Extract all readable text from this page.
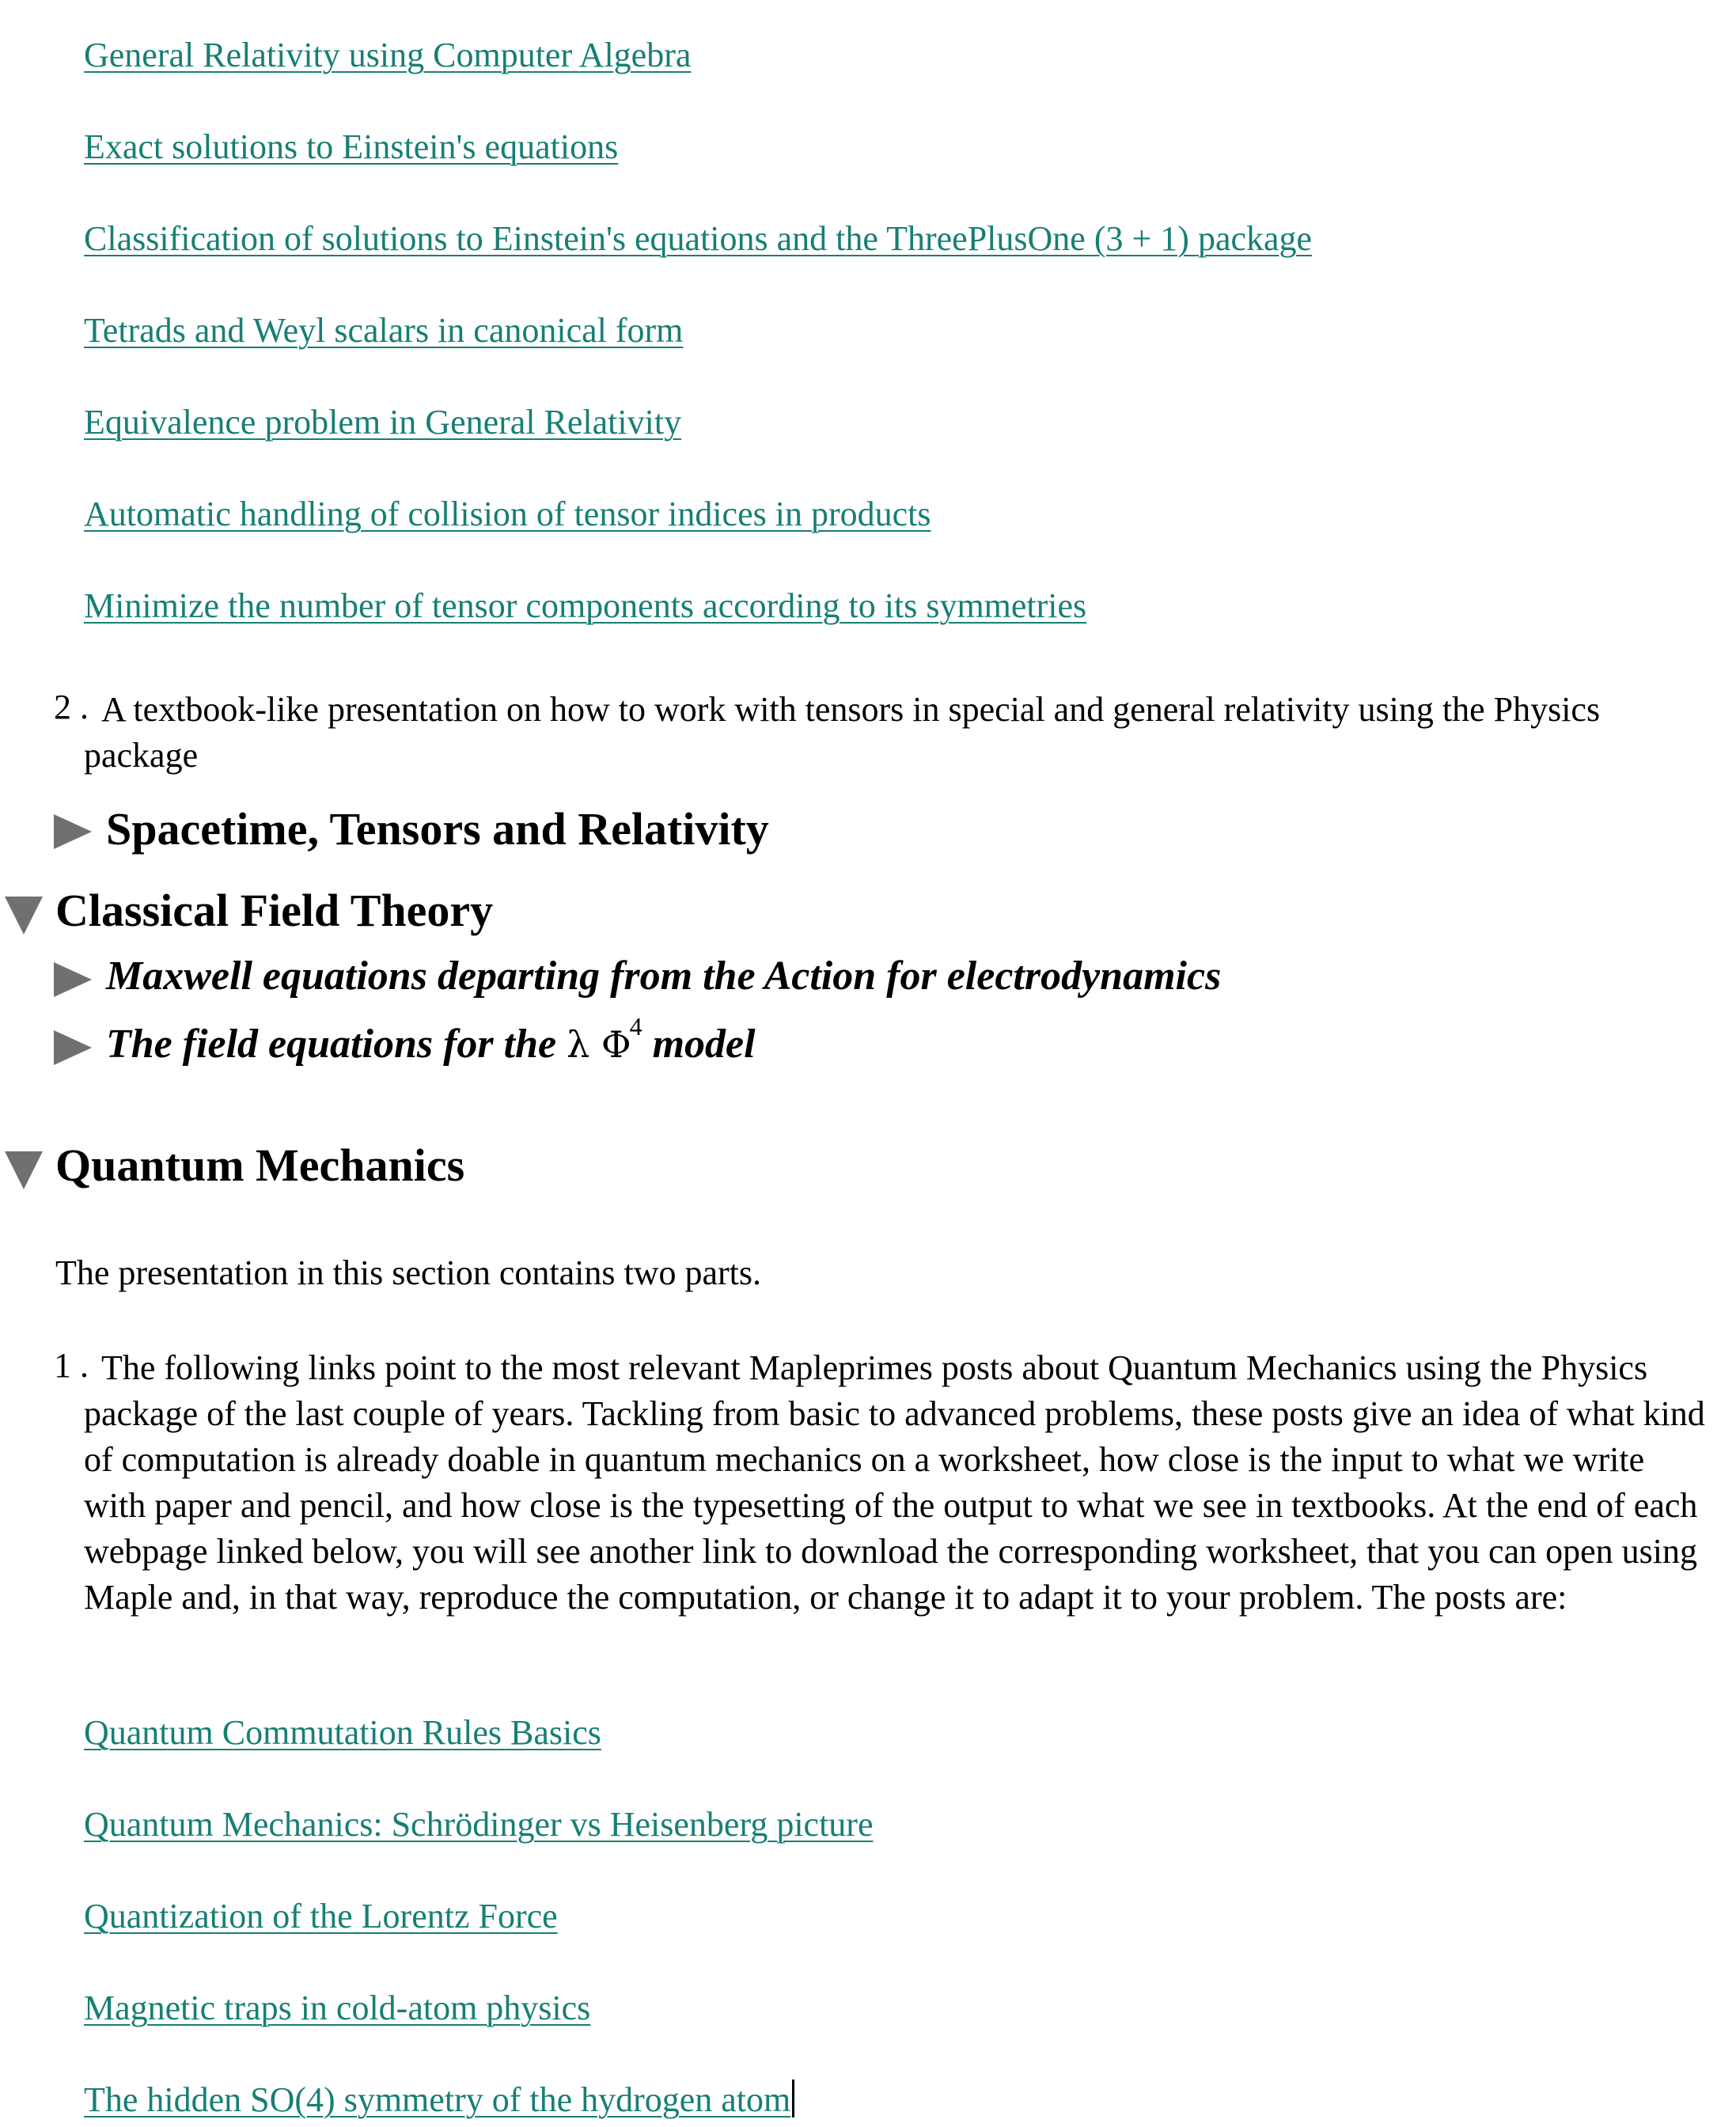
General Relativity using Computer Algebra
Exact solutions to Einstein's equations
Classification of solutions to Einstein's equations and the ThreePlusOne (3 + 1) package
Tetrads and Weyl scalars in canonical form
Equivalence problem in General Relativity
Automatic handling of collision of tensor indices in products
Minimize the number of tensor components according to its symmetries
2 . A textbook-like presentation on how to work with tensors in special and general relativity using the Physics package
Spacetime, Tensors and Relativity
Classical Field Theory
Maxwell equations departing from the Action for electrodynamics
The field equations for the λ $\Phi^4$ model
Quantum Mechanics
The presentation in this section contains two parts.
1 . The following links point to the most relevant Mapleprimes posts about Quantum Mechanics using the Physics package of the last couple of years. Tackling from basic to advanced problems, these posts give an idea of what kind of computation is already doable in quantum mechanics on a worksheet, how close is the input to what we write with paper and pencil, and how close is the typesetting of the output to what we see in textbooks. At the end of each webpage linked below, you will see another link to download the corresponding worksheet, that you can open using Maple and, in that way, reproduce the computation, or change it to adapt it to your problem. The posts are:
Quantum Commutation Rules Basics
Quantum Mechanics: Schrödinger vs Heisenberg picture
Quantization of the Lorentz Force
Magnetic traps in cold-atom physics
The hidden SO(4) symmetry of the hydrogen atom
